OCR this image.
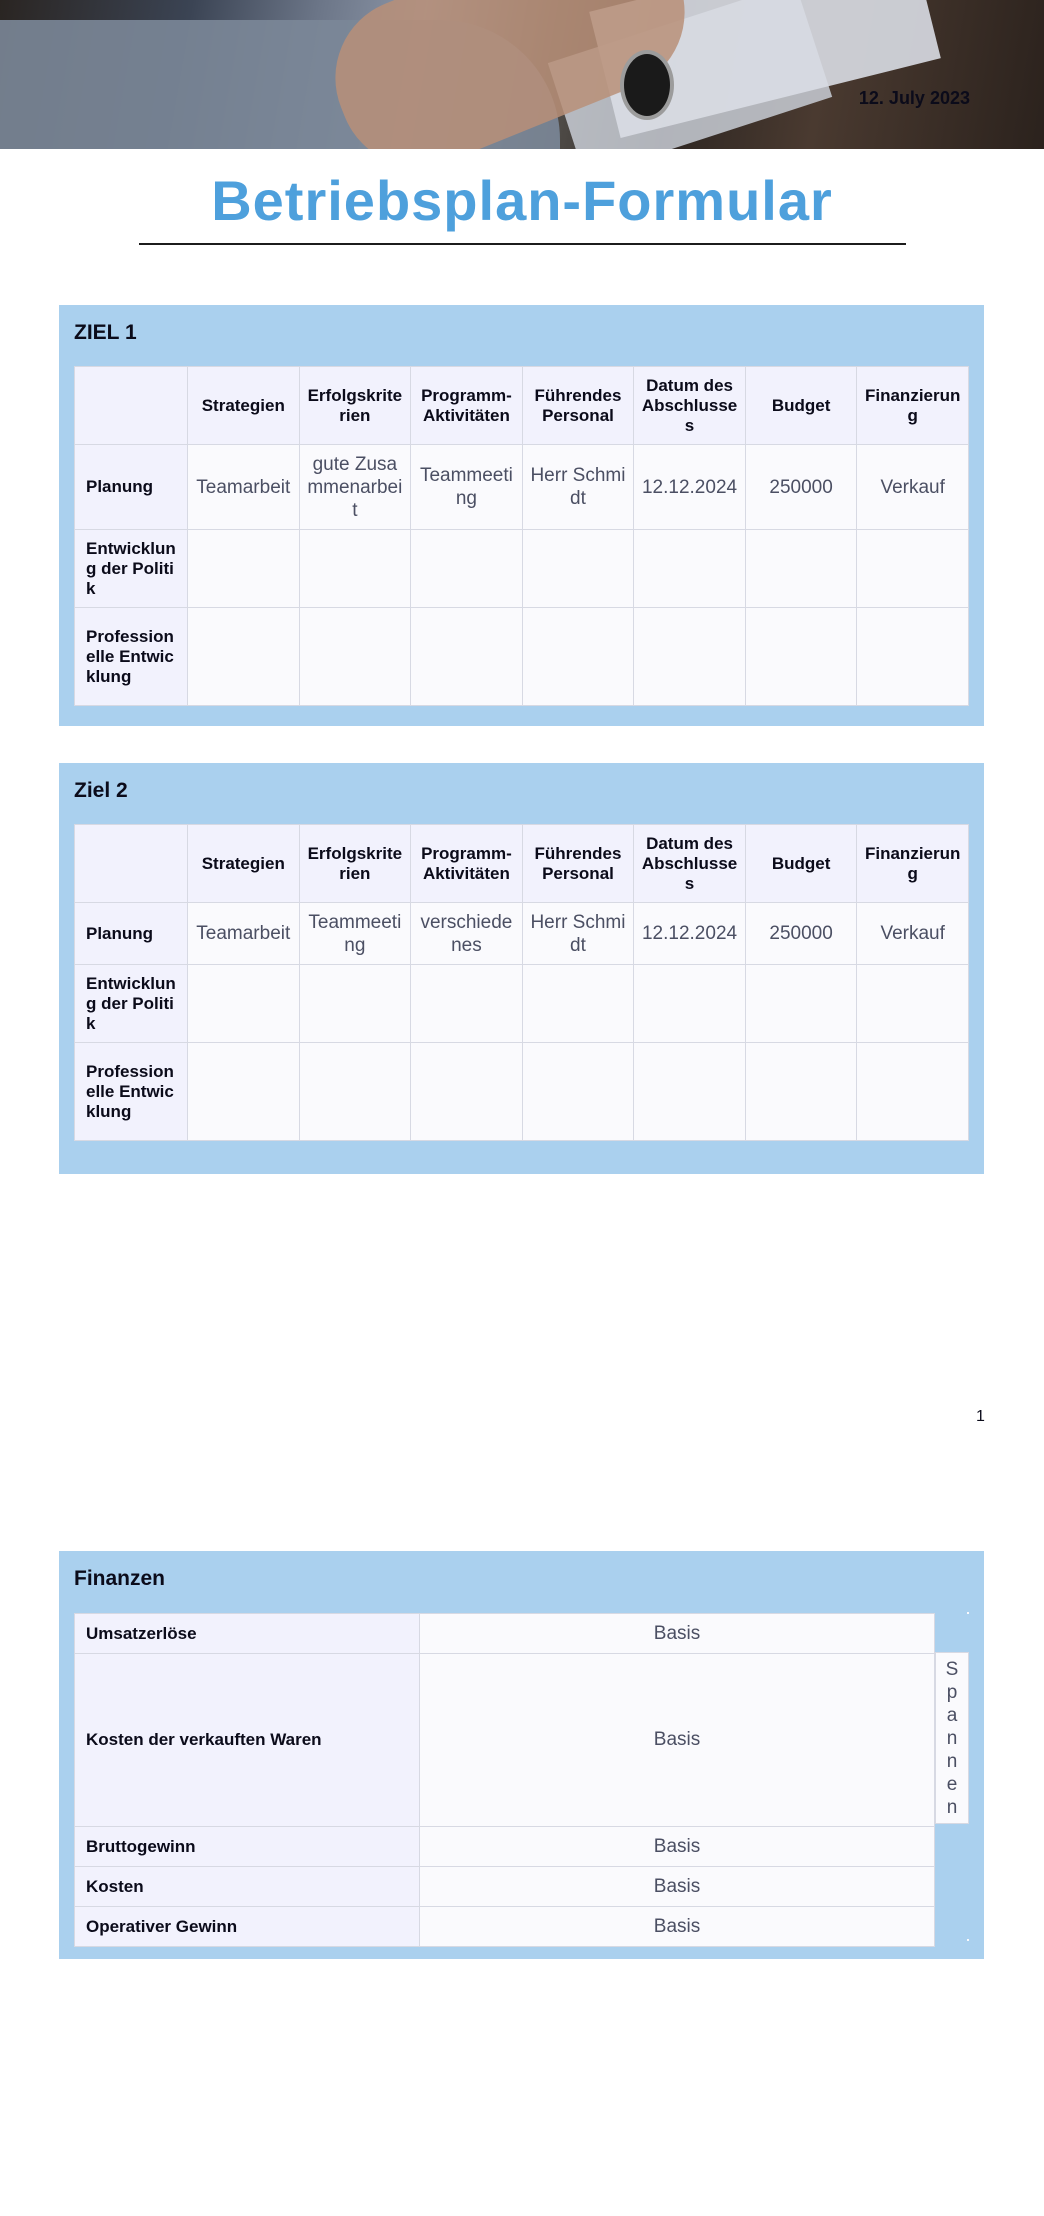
12. July 2023
Betriebsplan-Formular
ZIEL 1
	Strategien	Erfolgskriterien	Programm-Aktivitäten	Führendes Personal	Datum des Abschlusses	Budget	Finanzierung
Planung	Teamarbeit	gute Zusammenarbeit	Teammeeting	Herr Schmidt	12.12.2024	250000	Verkauf
Entwicklung der Politik							
Professionelle Entwicklung							
Ziel 2
	Strategien	Erfolgskriterien	Programm-Aktivitäten	Führendes Personal	Datum des Abschlusses	Budget	Finanzierung
Planung	Teamarbeit	Teammeeting	verschiedenes	Herr Schmidt	12.12.2024	250000	Verkauf
Entwicklung der Politik							
Professionelle Entwicklung							
1
Finanzen
Umsatzerlöse	Basis
Kosten der verkauften Waren	Basis
Bruttogewinn	Basis
Kosten	Basis
Operativer Gewinn	Basis
Spannen
